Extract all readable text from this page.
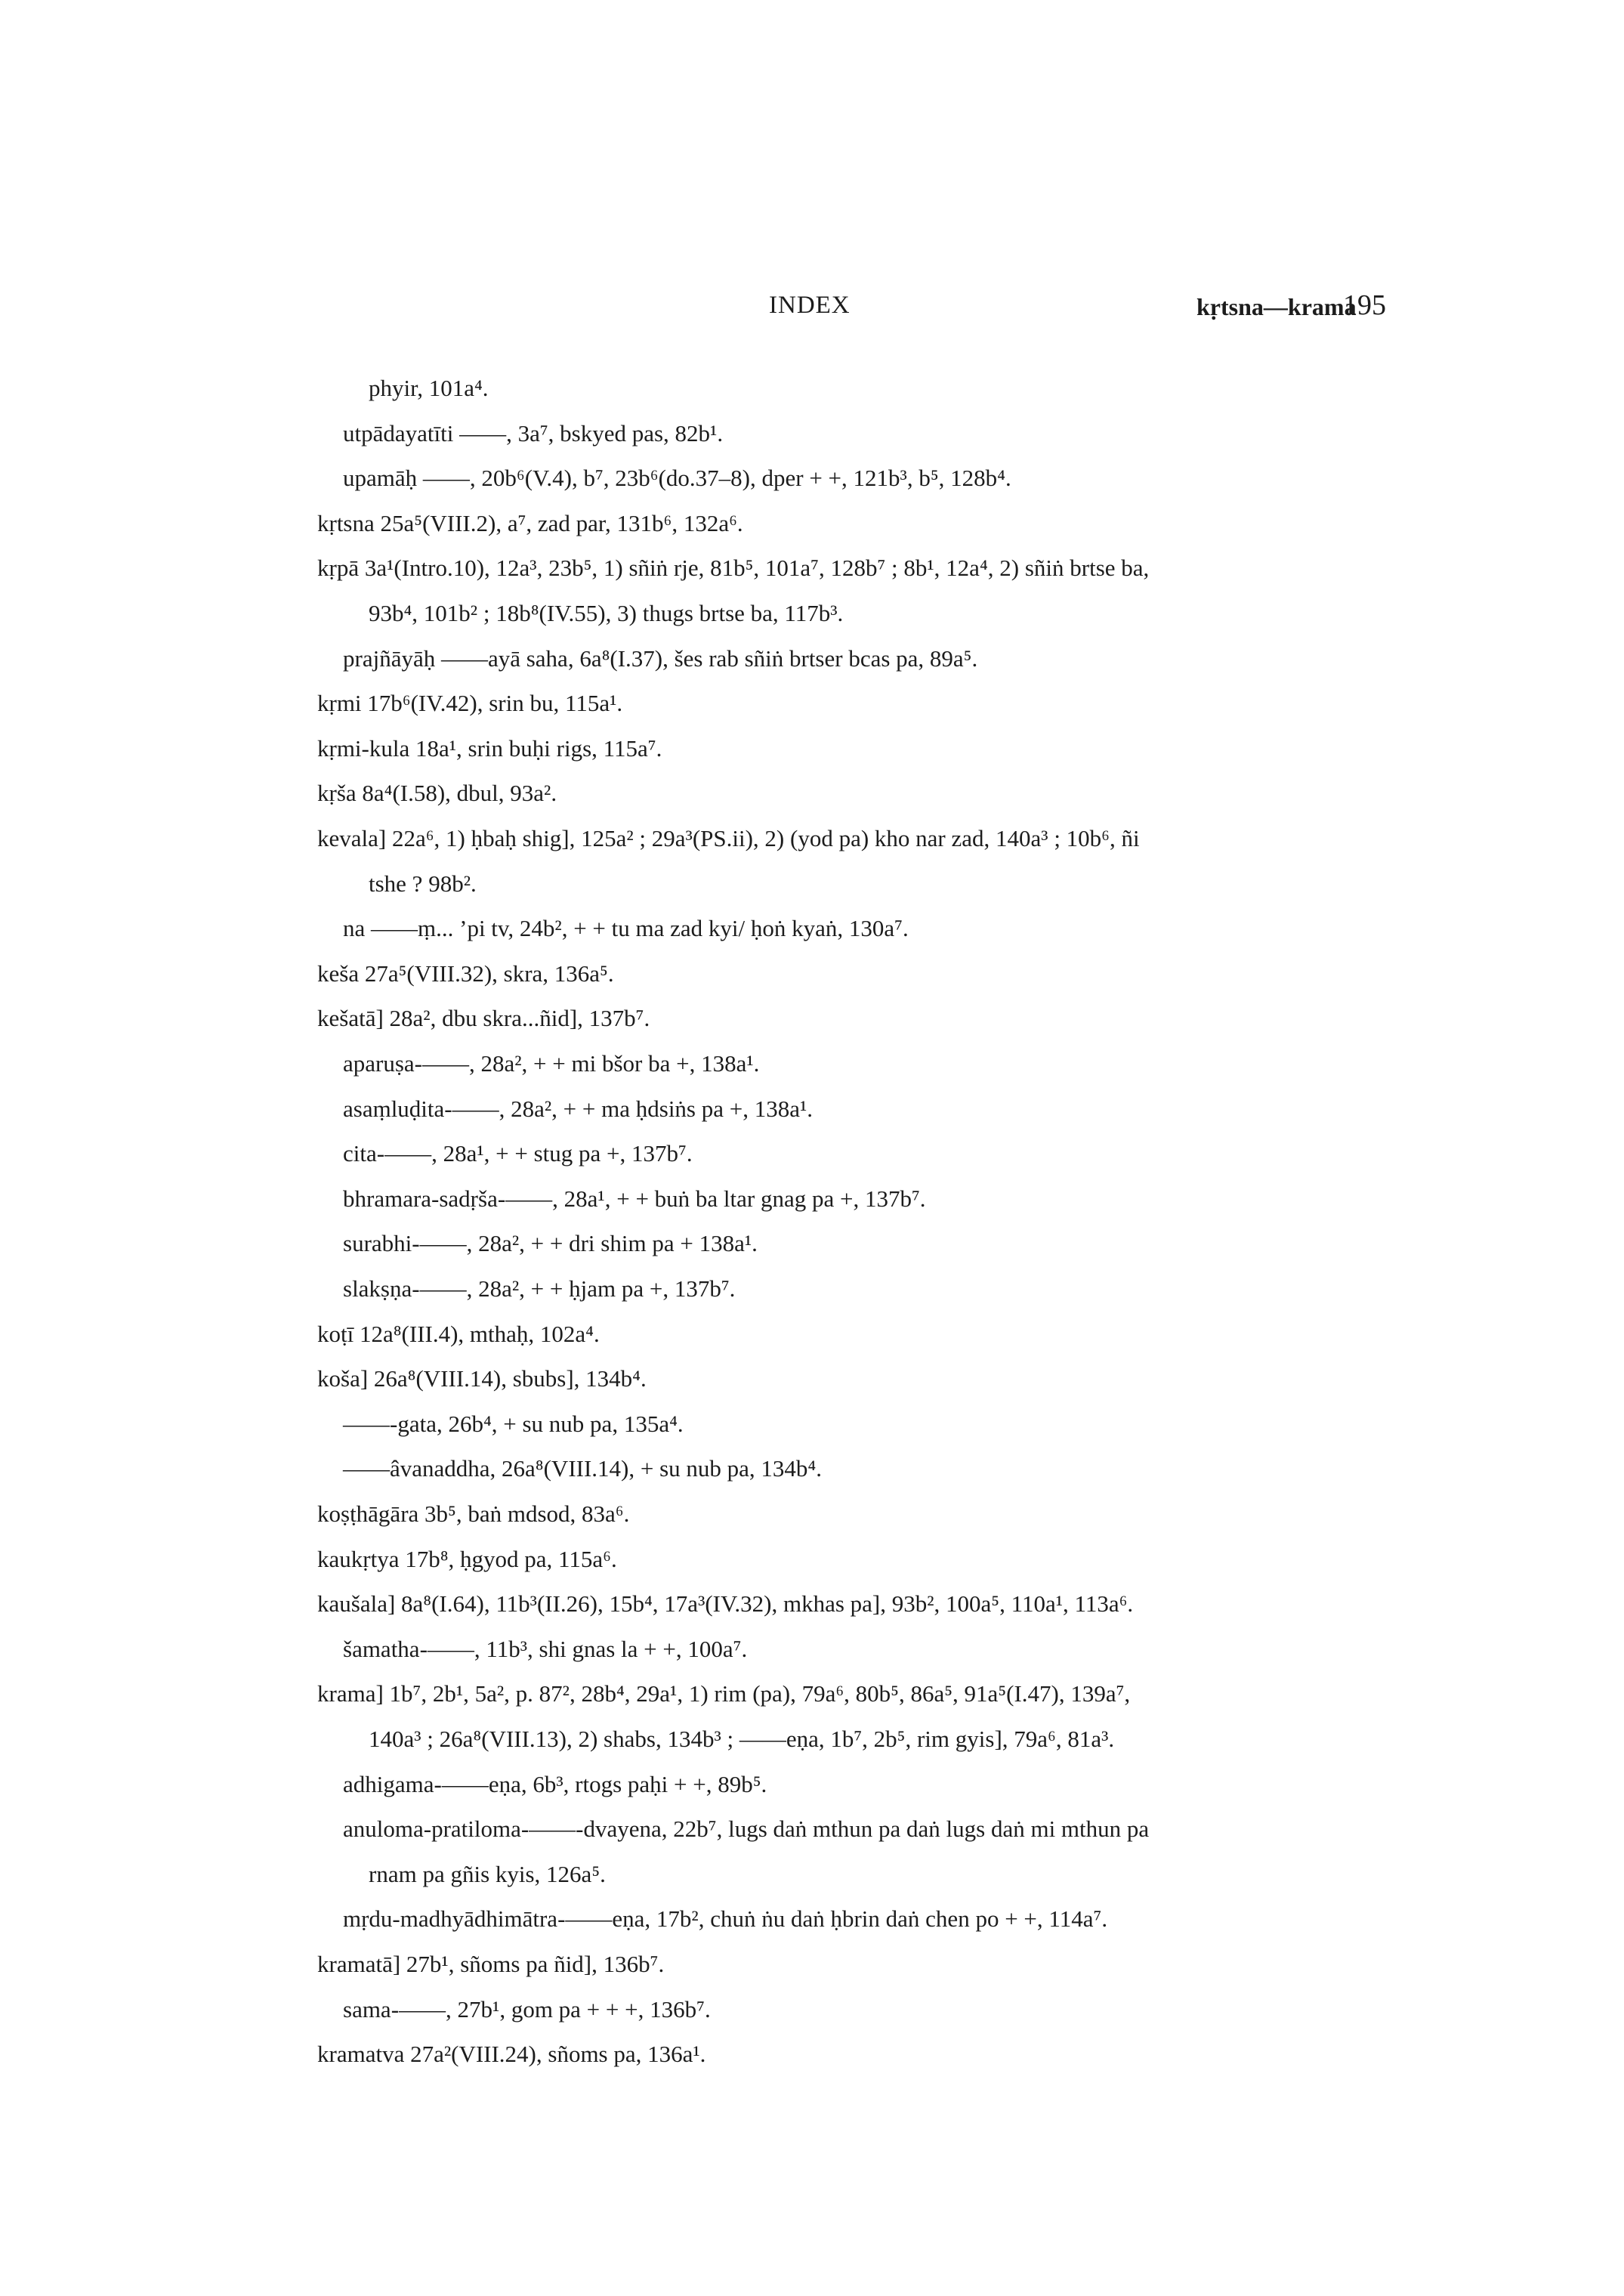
INDEX	kṛtsna—krama
195
phyir, 101a⁴.
utpādayatīti ——, 3a⁷, bskyed pas, 82b¹.
upamāḥ ——, 20b⁶(V.4), b⁷, 23b⁶(do.37–8), dper + +, 121b³, b⁵, 128b⁴.
kṛtsna 25a⁵(VIII.2), a⁷, zad par, 131b⁶, 132a⁶.
kṛpā 3a¹(Intro.10), 12a³, 23b⁵, 1) sñiṅ rje, 81b⁵, 101a⁷, 128b⁷ ; 8b¹, 12a⁴, 2) sñiṅ brtse ba,
93b⁴, 101b² ; 18b⁸(IV.55), 3) thugs brtse ba, 117b³.
prajñāyāḥ ——ayā saha, 6a⁸(I.37), šes rab sñiṅ brtser bcas pa, 89a⁵.
kṛmi 17b⁶(IV.42), srin bu, 115a¹.
kṛmi-kula 18a¹, srin buḥi rigs, 115a⁷.
kṛša 8a⁴(I.58), dbul, 93a².
kevala] 22a⁶, 1) ḥbaḥ shig], 125a² ; 29a³(PS.ii), 2) (yod pa) kho nar zad, 140a³ ; 10b⁶, ñi
tshe ? 98b².
na ——ṃ... ’pi tv, 24b², + + tu ma zad kyi/ ḥoṅ kyaṅ, 130a⁷.
keša 27a⁵(VIII.32), skra, 136a⁵.
kešatā] 28a², dbu skra...ñid], 137b⁷.
aparuṣa-——, 28a², + + mi bšor ba +, 138a¹.
asaṃluḍita-——, 28a², + + ma ḥdsiṅs pa +, 138a¹.
cita-——, 28a¹, + + stug pa +, 137b⁷.
bhramara-sadṛša-——, 28a¹, + + buṅ ba ltar gnag pa +, 137b⁷.
surabhi-——, 28a², + + dri shim pa + 138a¹.
slakṣṇa-——, 28a², + + ḥjam pa +, 137b⁷.
koṭī 12a⁸(III.4), mthaḥ, 102a⁴.
koša] 26a⁸(VIII.14), sbubs], 134b⁴.
——-gata, 26b⁴, + su nub pa, 135a⁴.
——âvanaddha, 26a⁸(VIII.14), + su nub pa, 134b⁴.
koṣṭhāgāra 3b⁵, baṅ mdsod, 83a⁶.
kaukṛtya 17b⁸, ḥgyod pa, 115a⁶.
kaušala] 8a⁸(I.64), 11b³(II.26), 15b⁴, 17a³(IV.32), mkhas pa], 93b², 100a⁵, 110a¹, 113a⁶.
šamatha-——, 11b³, shi gnas la + +, 100a⁷.
krama] 1b⁷, 2b¹, 5a², p. 87², 28b⁴, 29a¹, 1) rim (pa), 79a⁶, 80b⁵, 86a⁵, 91a⁵(I.47), 139a⁷,
140a³ ; 26a⁸(VIII.13), 2) shabs, 134b³ ; ——eṇa, 1b⁷, 2b⁵, rim gyis], 79a⁶, 81a³.
adhigama-——eṇa, 6b³, rtogs paḥi + +, 89b⁵.
anuloma-pratiloma-——-dvayena, 22b⁷, lugs daṅ mthun pa daṅ lugs daṅ mi mthun pa
rnam pa gñis kyis, 126a⁵.
mṛdu-madhyādhimātra-——eṇa, 17b², chuṅ ṅu daṅ ḥbrin daṅ chen po + +, 114a⁷.
kramatā] 27b¹, sñoms pa ñid], 136b⁷.
sama-——, 27b¹, gom pa + + +, 136b⁷.
kramatva 27a²(VIII.24), sñoms pa, 136a¹.
